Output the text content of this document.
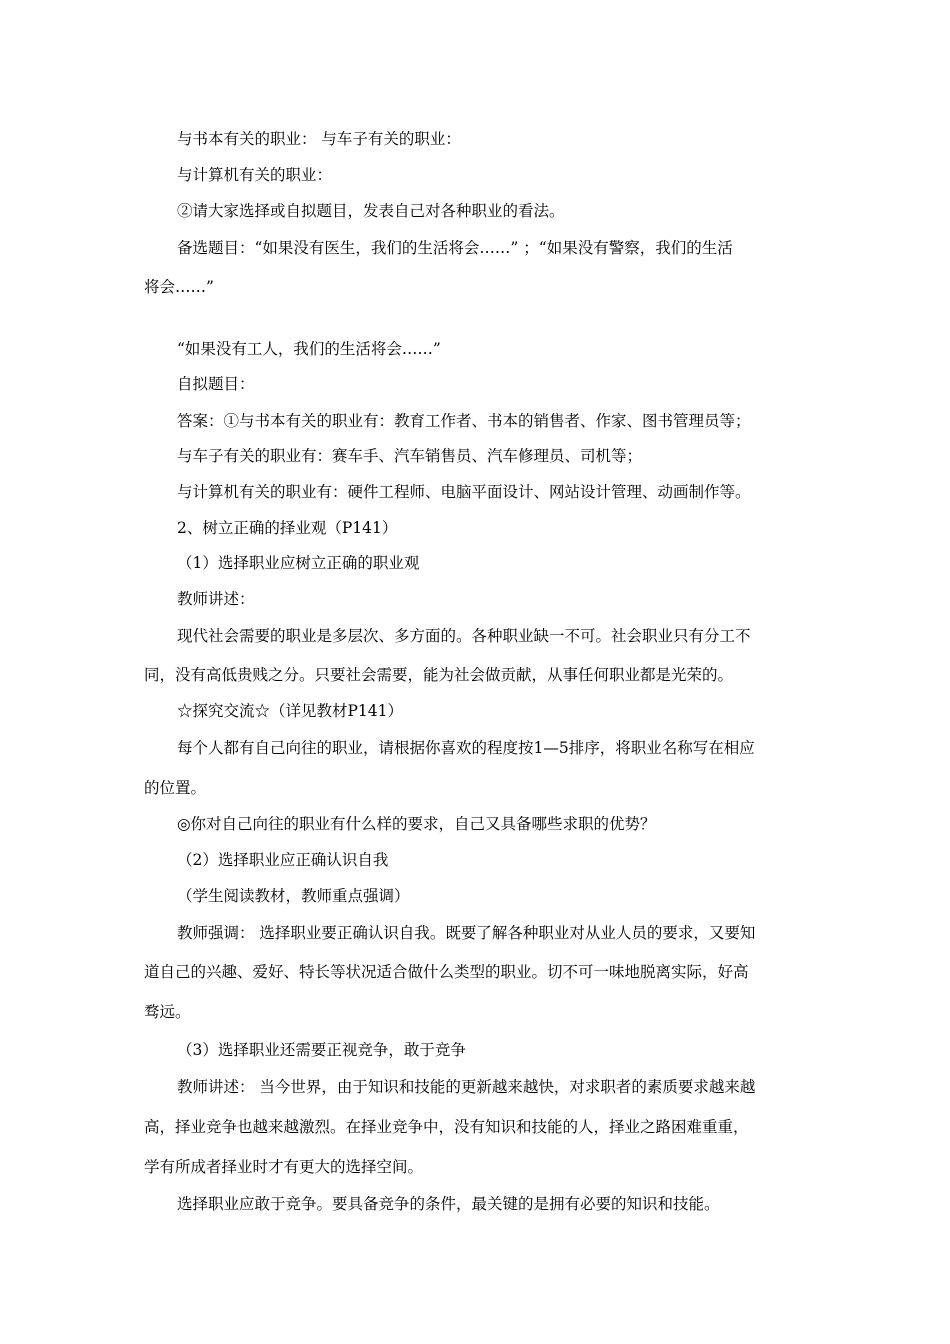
与书本有关的职业： 与车子有关的职业：
与计算机有关的职业：
②请大家选择或自拟题目，发表自己对各种职业的看法。
备选题目：“如果没有医生，我们的生活将会……” ；“如果没有警察，我们的生活
将会……”
“如果没有工人，我们的生活将会……”
自拟题目：
答案：①与书本有关的职业有：教育工作者、书本的销售者、作家、图书管理员等；
与车子有关的职业有：赛车手、汽车销售员、汽车修理员、司机等；
与计算机有关的职业有：硬件工程师、电脑平面设计、网站设计管理、动画制作等。
2、树立正确的择业观（P141）
（1）选择职业应树立正确的职业观
教师讲述：
现代社会需要的职业是多层次、多方面的。各种职业缺一不可。社会职业只有分工不
同，没有高低贵贱之分。只要社会需要，能为社会做贡献，从事任何职业都是光荣的。
☆探究交流☆（详见教材P141）
每个人都有自己向往的职业，请根据你喜欢的程度按1—5排序，将职业名称写在相应
的位置。
◎你对自己向往的职业有什么样的要求，自己又具备哪些求职的优势？
（2）选择职业应正确认识自我
（学生阅读教材，教师重点强调）
教师强调： 选择职业要正确认识自我。既要了解各种职业对从业人员的要求，又要知
道自己的兴趣、爱好、特长等状况适合做什么类型的职业。切不可一味地脱离实际，好高
骛远。
（3）选择职业还需要正视竞争，敢于竞争
教师讲述： 当今世界，由于知识和技能的更新越来越快，对求职者的素质要求越来越
高，择业竞争也越来越激烈。在择业竞争中，没有知识和技能的人，择业之路困难重重，
学有所成者择业时才有更大的选择空间。
选择职业应敢于竞争。要具备竞争的条件，最关键的是拥有必要的知识和技能。
